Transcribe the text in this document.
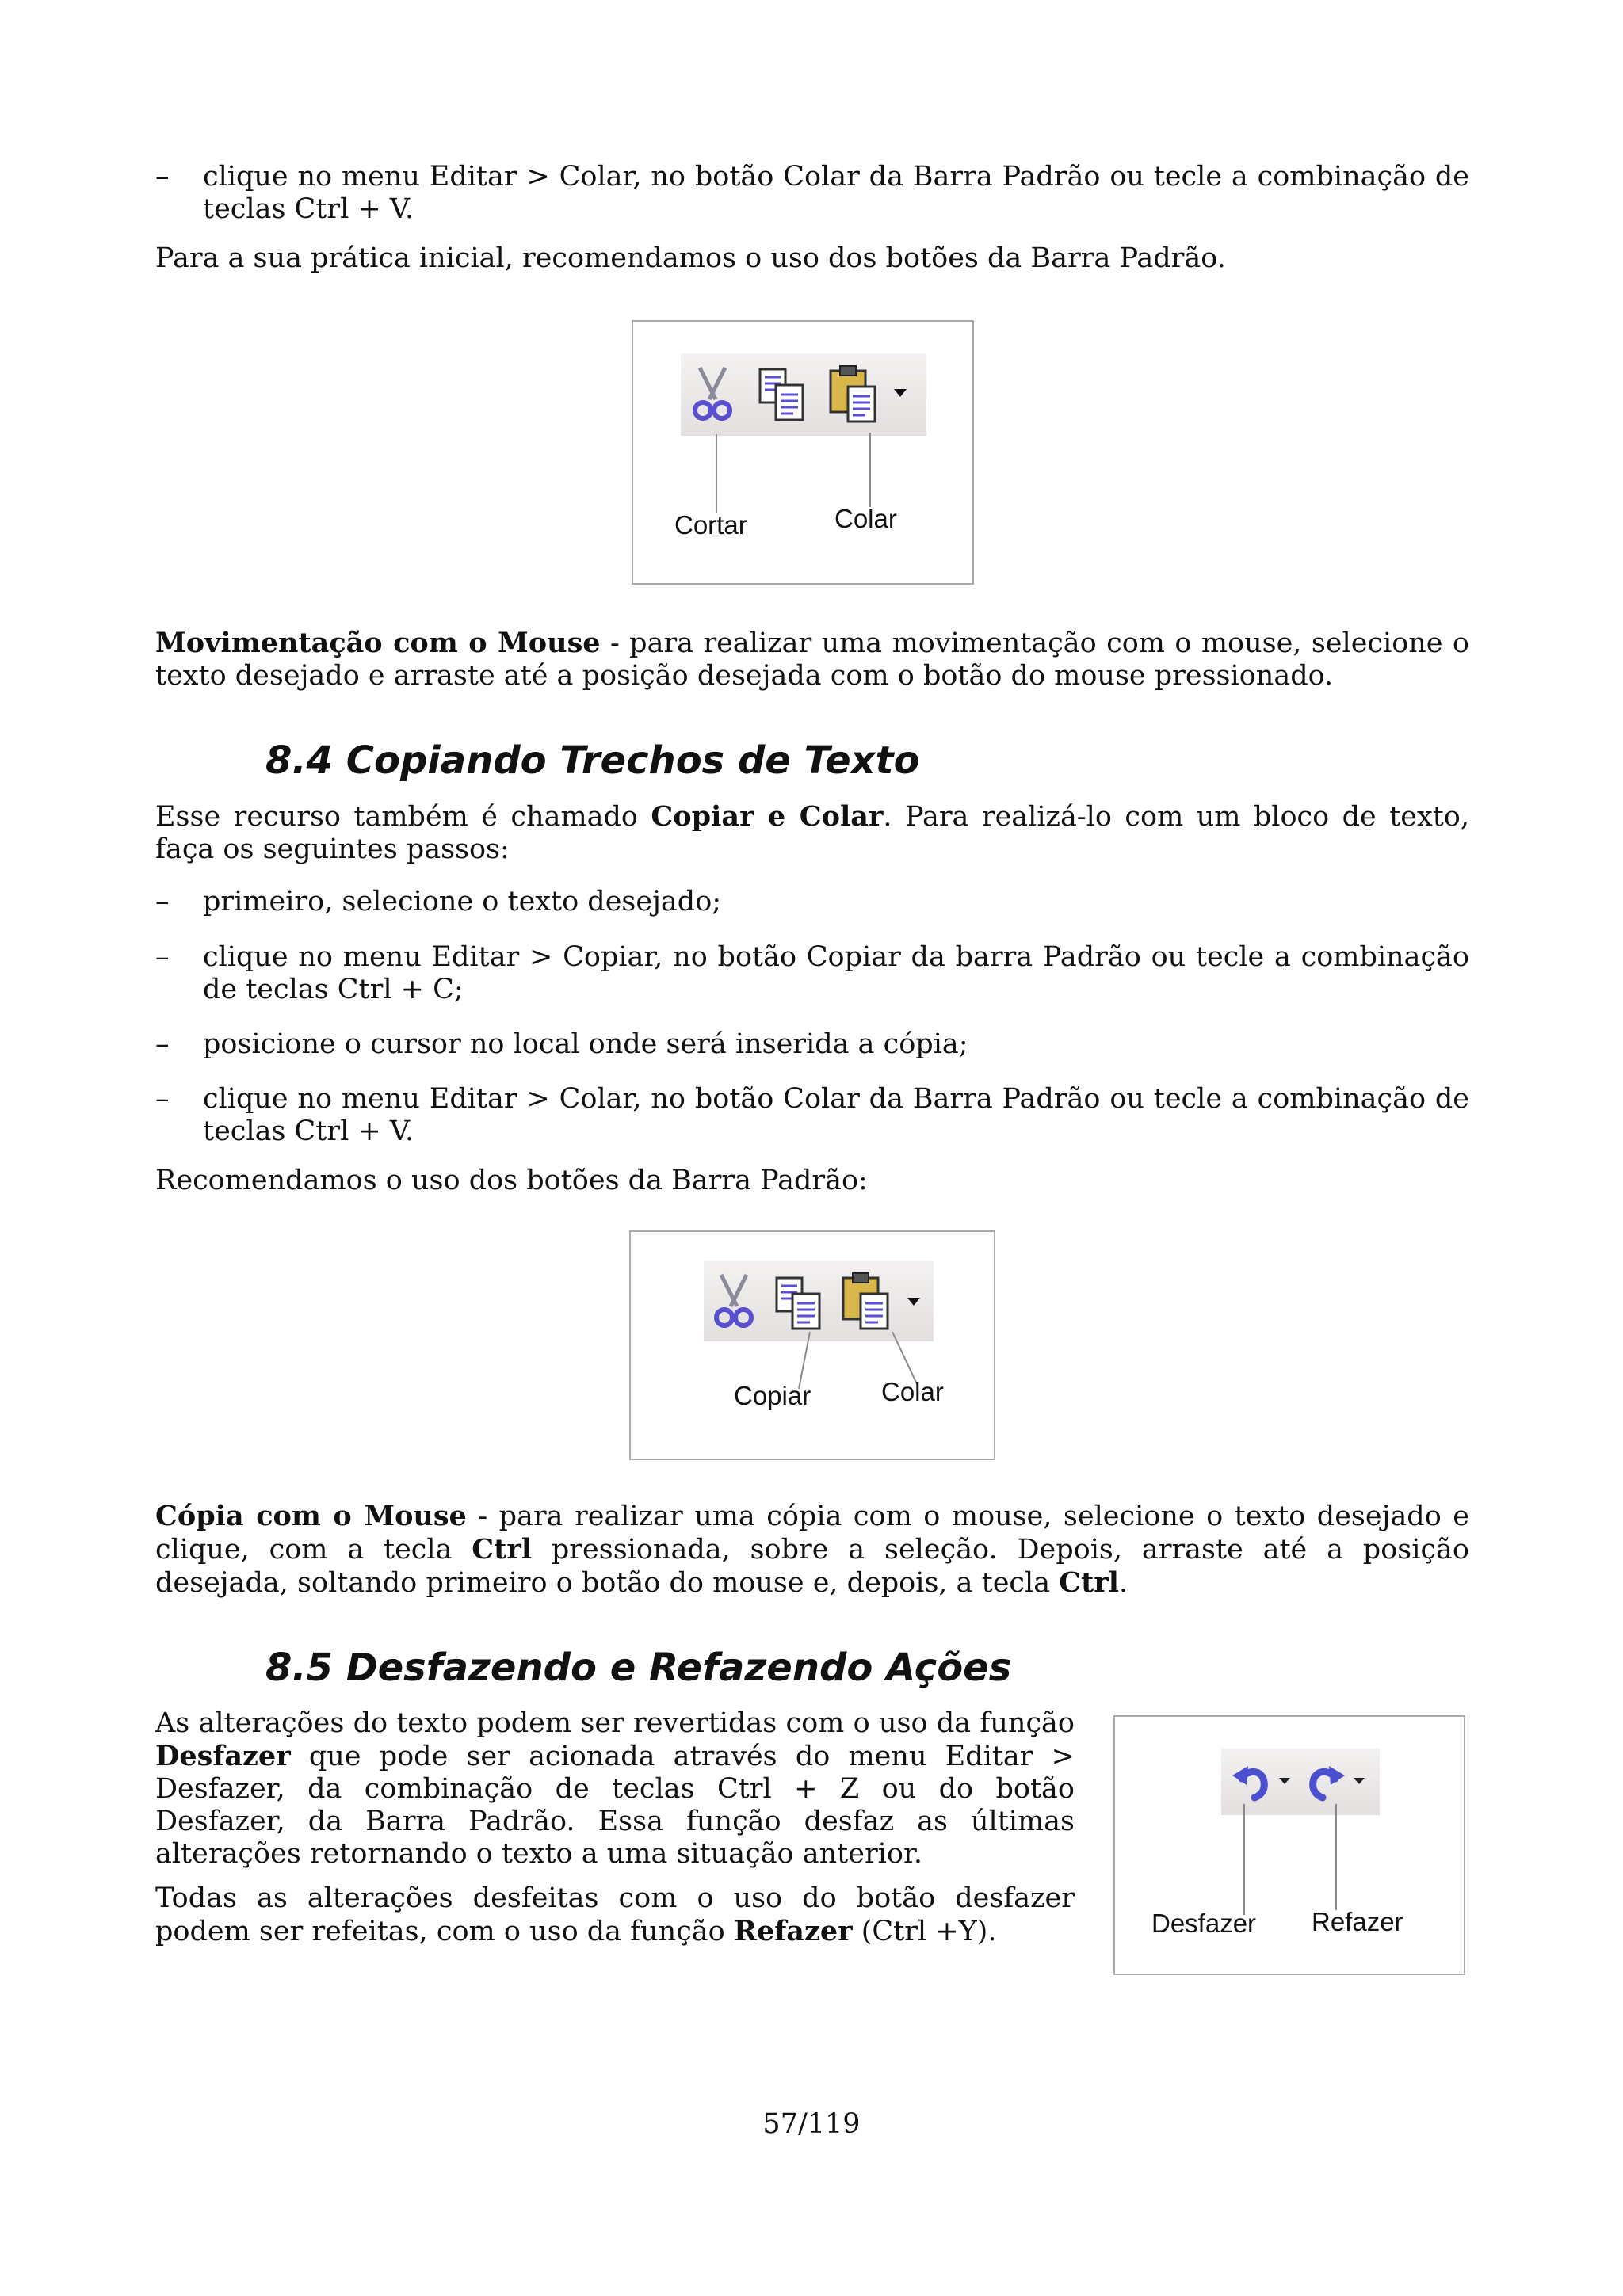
–	clique no menu Editar > Colar, no botão Colar da Barra Padrão ou tecle a combinação de teclas Ctrl + V.

Para a sua prática inicial, recomendamos o uso dos botões da Barra Padrão.

Cortar	Colar

Movimentação com o Mouse - para realizar uma movimentação com o mouse, selecione o texto desejado e arraste até a posição desejada com o botão do mouse pressionado.

8.4 Copiando Trechos de Texto

Esse recurso também é chamado Copiar e Colar. Para realizá-lo com um bloco de texto, faça os seguintes passos:

–	primeiro, selecione o texto desejado;
–	clique no menu Editar > Copiar, no botão Copiar da barra Padrão ou tecle a combinação de teclas Ctrl + C;
–	posicione o cursor no local onde será inserida a cópia;
–	clique no menu Editar > Colar, no botão Colar da Barra Padrão ou tecle a combinação de teclas Ctrl + V.

Recomendamos o uso dos botões da Barra Padrão:

Copiar	Colar

Cópia com o Mouse - para realizar uma cópia com o mouse, selecione o texto desejado e clique, com a tecla Ctrl pressionada, sobre a seleção. Depois, arraste até a posição desejada, soltando primeiro o botão do mouse e, depois, a tecla Ctrl.

8.5 Desfazendo e Refazendo Ações

As alterações do texto podem ser revertidas com o uso da função Desfazer que pode ser acionada através do menu Editar > Desfazer, da combinação de teclas Ctrl + Z ou do botão Desfazer, da Barra Padrão. Essa função desfaz as últimas alterações retornando o texto a uma situação anterior.

Todas as alterações desfeitas com o uso do botão desfazer podem ser refeitas, com o uso da função Refazer (Ctrl +Y).	Desfazer Refazer
57/119
